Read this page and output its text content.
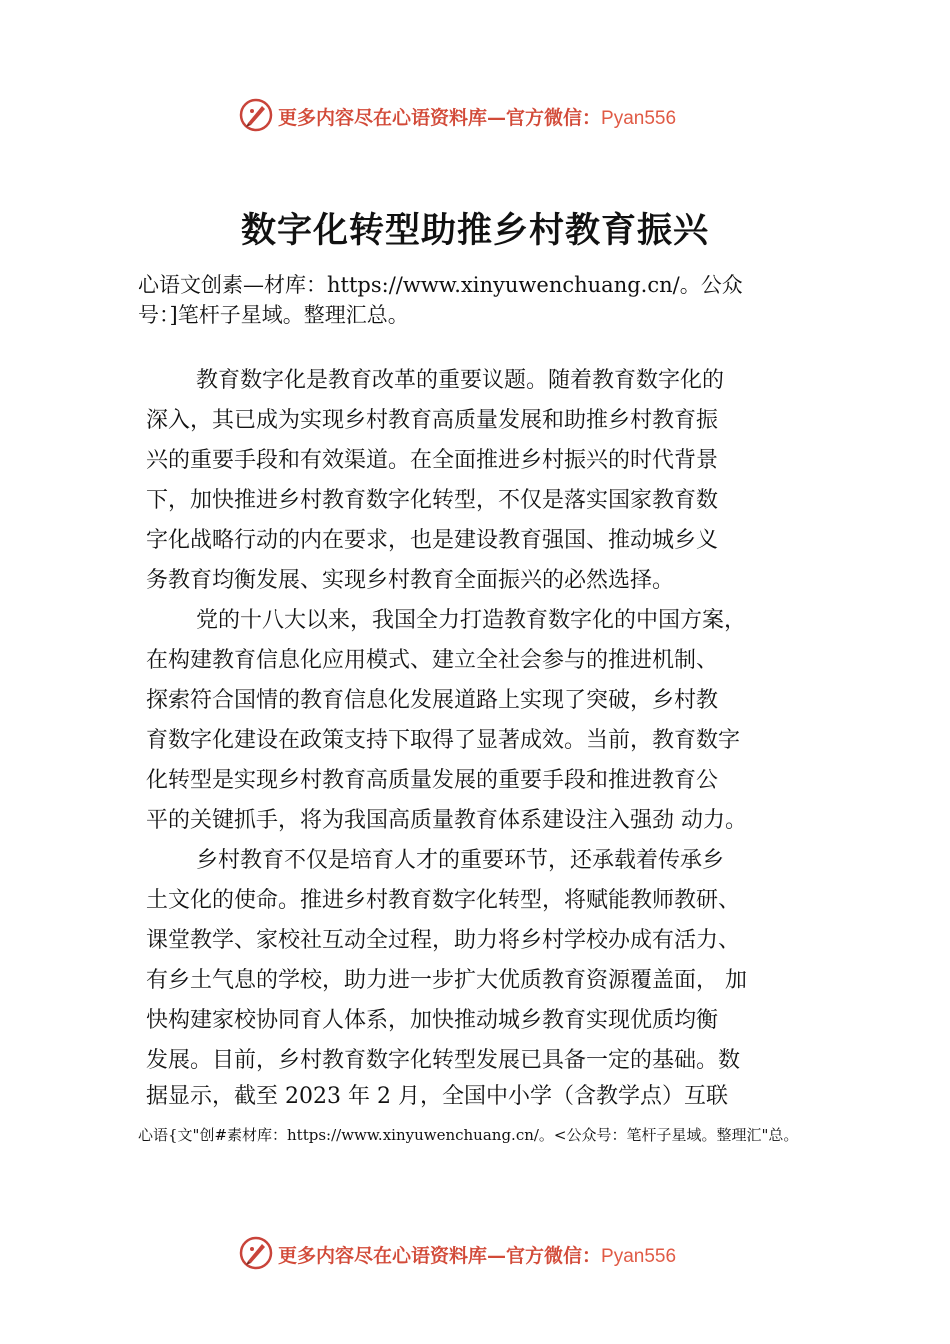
更多内容尽在心语资料库—官方微信：Pyan556
数字化转型助推乡村教育振兴
心语文创素—材库：https://www.xinyuwenchuang.cn/。公众
号：]笔杆子星域。整理汇总。
教育数字化是教育改革的重要议题。随着教育数字化的
深入，其已成为实现乡村教育高质量发展和助推乡村教育振
兴的重要手段和有效渠道。在全面推进乡村振兴的时代背景
下，加快推进乡村教育数字化转型，不仅是落实国家教育数
字化战略行动的内在要求，也是建设教育强国、推动城乡义
务教育均衡发展、实现乡村教育全面振兴的必然选择。
党的十八大以来，我国全力打造教育数字化的中国方案，
在构建教育信息化应用模式、建立全社会参与的推进机制、
探索符合国情的教育信息化发展道路上实现了突破，乡村教
育数字化建设在政策支持下取得了显著成效。当前，教育数字
化转型是实现乡村教育高质量发展的重要手段和推进教育公
平的关键抓手，将为我国高质量教育体系建设注入强劲 动力。
乡村教育不仅是培育人才的重要环节，还承载着传承乡
土文化的使命。推进乡村教育数字化转型，将赋能教师教研、
课堂教学、家校社互动全过程，助力将乡村学校办成有活力、
有乡土气息的学校，助力进一步扩大优质教育资源覆盖面， 加
快构建家校协同育人体系，加快推动城乡教育实现优质均衡
发展。目前，乡村教育数字化转型发展已具备一定的基础。数
据显示，截至 2023 年 2 月，全国中小学（含教学点）互联
心语{文"创#素材库：https://www.xinyuwenchuang.cn/。<公众号：笔杆子星域。整理汇"总。
更多内容尽在心语资料库—官方微信：Pyan556
